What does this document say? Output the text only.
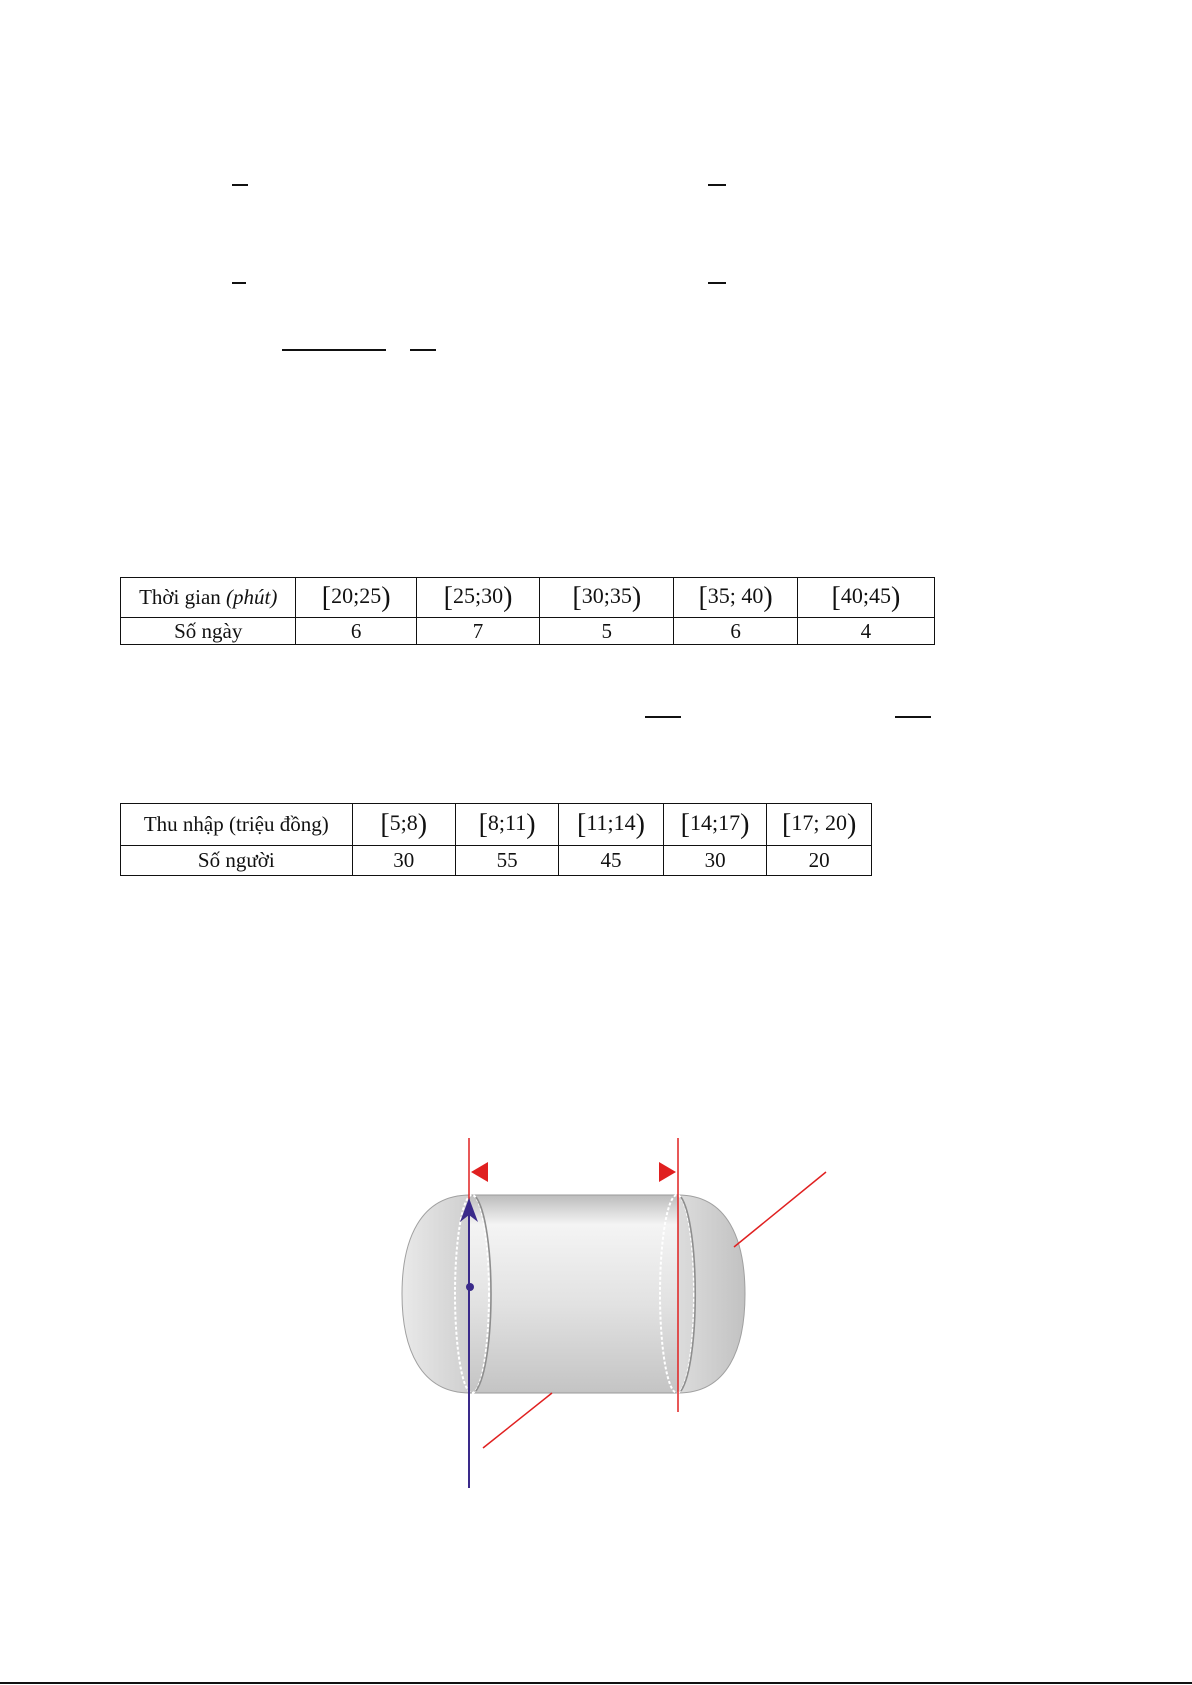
Thời gian (phút)	[20;25)	[25;30)	[30;35)	[35; 40)	[40;45)
Số ngày	6	7	5	6	4
Thu nhập (triệu đồng)	[5;8)	[8;11)	[11;14)	[14;17)	[17; 20)
Số người	30	55	45	30	20
